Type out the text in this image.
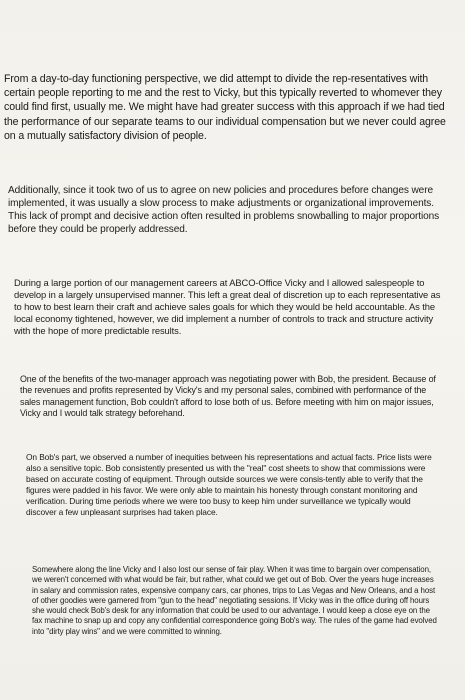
From a day-to-day functioning perspective, we did attempt to divide the rep-resentatives with certain people reporting to me and the rest to Vicky, but this typically reverted to whomever they could find first, usually me. We might have had greater success with this approach if we had tied the performance of our separate teams to our individual compensation but we never could agree on a mutually satisfactory division of people.

Additionally, since it took two of us to agree on new policies and procedures before changes were implemented, it was usually a slow process to make adjustments or organizational improvements. This lack of prompt and decisive action often resulted in problems snowballing to major proportions before they could be properly addressed.

During a large portion of our management careers at ABCO-Office Vicky and I allowed salespeople to develop in a largely unsupervised manner. This left a great deal of discretion up to each representative as to how to best learn their craft and achieve sales goals for which they would be held accountable. As the local economy tightened, however, we did implement a number of controls to track and structure activity with the hope of more predictable results.

One of the benefits of the two-manager approach was negotiating power with Bob, the president. Because of the revenues and profits represented by Vicky's and my personal sales, combined with performance of the sales management function, Bob couldn't afford to lose both of us. Before meeting with him on major issues, Vicky and I would talk strategy beforehand.

On Bob's part, we observed a number of inequities between his representations and actual facts. Price lists were also a sensitive topic. Bob consistently presented us with the "real" cost sheets to show that commissions were based on accurate costing of equipment. Through outside sources we were consis-tently able to verify that the figures were padded in his favor. We were only able to maintain his honesty through constant monitoring and verification. During time periods where we were too busy to keep him under surveillance we typically would discover a few unpleasant surprises had taken place.

Somewhere along the line Vicky and I also lost our sense of fair play. When it was time to bargain over compensation, we weren't concerned with what would be fair, but rather, what could we get out of Bob. Over the years huge increases in salary and commission rates, expensive company cars, car phones, trips to Las Vegas and New Orleans, and a host of other goodies were garnered from "gun to the head" negotiating sessions. If Vicky was in the office during off hours she would check Bob's desk for any information that could be used to our advantage. I would keep a close eye on the fax machine to snap up and copy any confidential correspondence going Bob's way. The rules of the game had evolved into "dirty play wins" and we were committed to winning.
